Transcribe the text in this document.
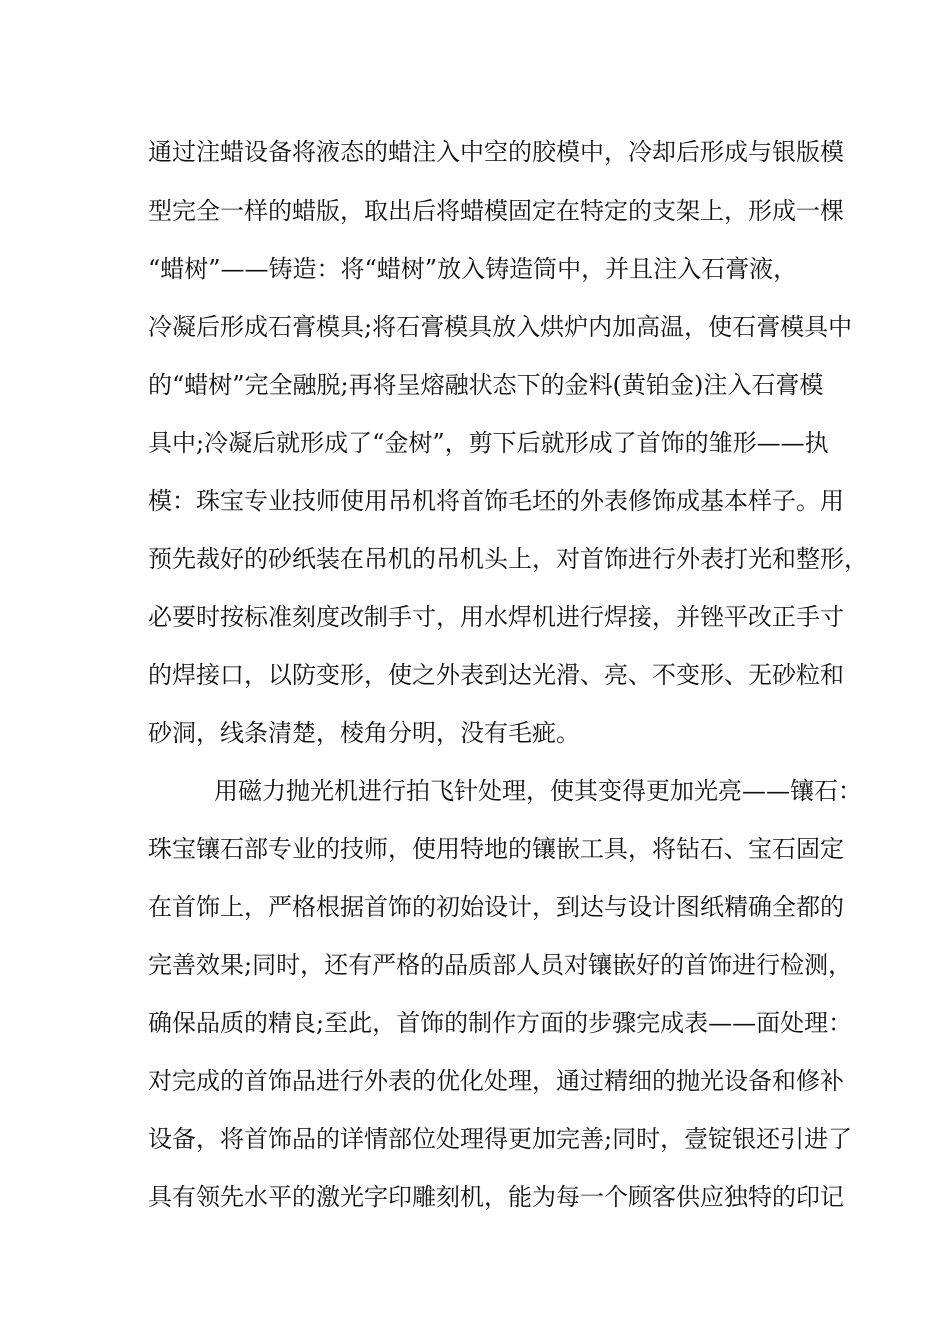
通过注蜡设备将液态的蜡注入中空的胶模中，冷却后形成与银版模
型完全一样的蜡版，取出后将蜡模固定在特定的支架上，形成一棵
“蜡树”——铸造：将“蜡树”放入铸造筒中，并且注入石膏液，
冷凝后形成石膏模具;将石膏模具放入烘炉内加高温，使石膏模具中
的“蜡树”完全融脱;再将呈熔融状态下的金料(黄铂金)注入石膏模
具中;冷凝后就形成了“金树”，剪下后就形成了首饰的雏形——执
模：珠宝专业技师使用吊机将首饰毛坯的外表修饰成基本样子。用
预先裁好的砂纸装在吊机的吊机头上，对首饰进行外表打光和整形，
必要时按标准刻度改制手寸，用水焊机进行焊接，并锉平改正手寸
的焊接口，以防变形，使之外表到达光滑、亮、不变形、无砂粒和
砂洞，线条清楚，棱角分明，没有毛疵。
用磁力抛光机进行拍飞针处理，使其变得更加光亮——镶石：
珠宝镶石部专业的技师，使用特地的镶嵌工具，将钻石、宝石固定
在首饰上，严格根据首饰的初始设计，到达与设计图纸精确全都的
完善效果;同时，还有严格的品质部人员对镶嵌好的首饰进行检测，
确保品质的精良;至此，首饰的制作方面的步骤完成表——面处理：
对完成的首饰品进行外表的优化处理，通过精细的抛光设备和修补
设备，将首饰品的详情部位处理得更加完善;同时，壹锭银还引进了
具有领先水平的激光字印雕刻机，能为每一个顾客供应独特的印记
